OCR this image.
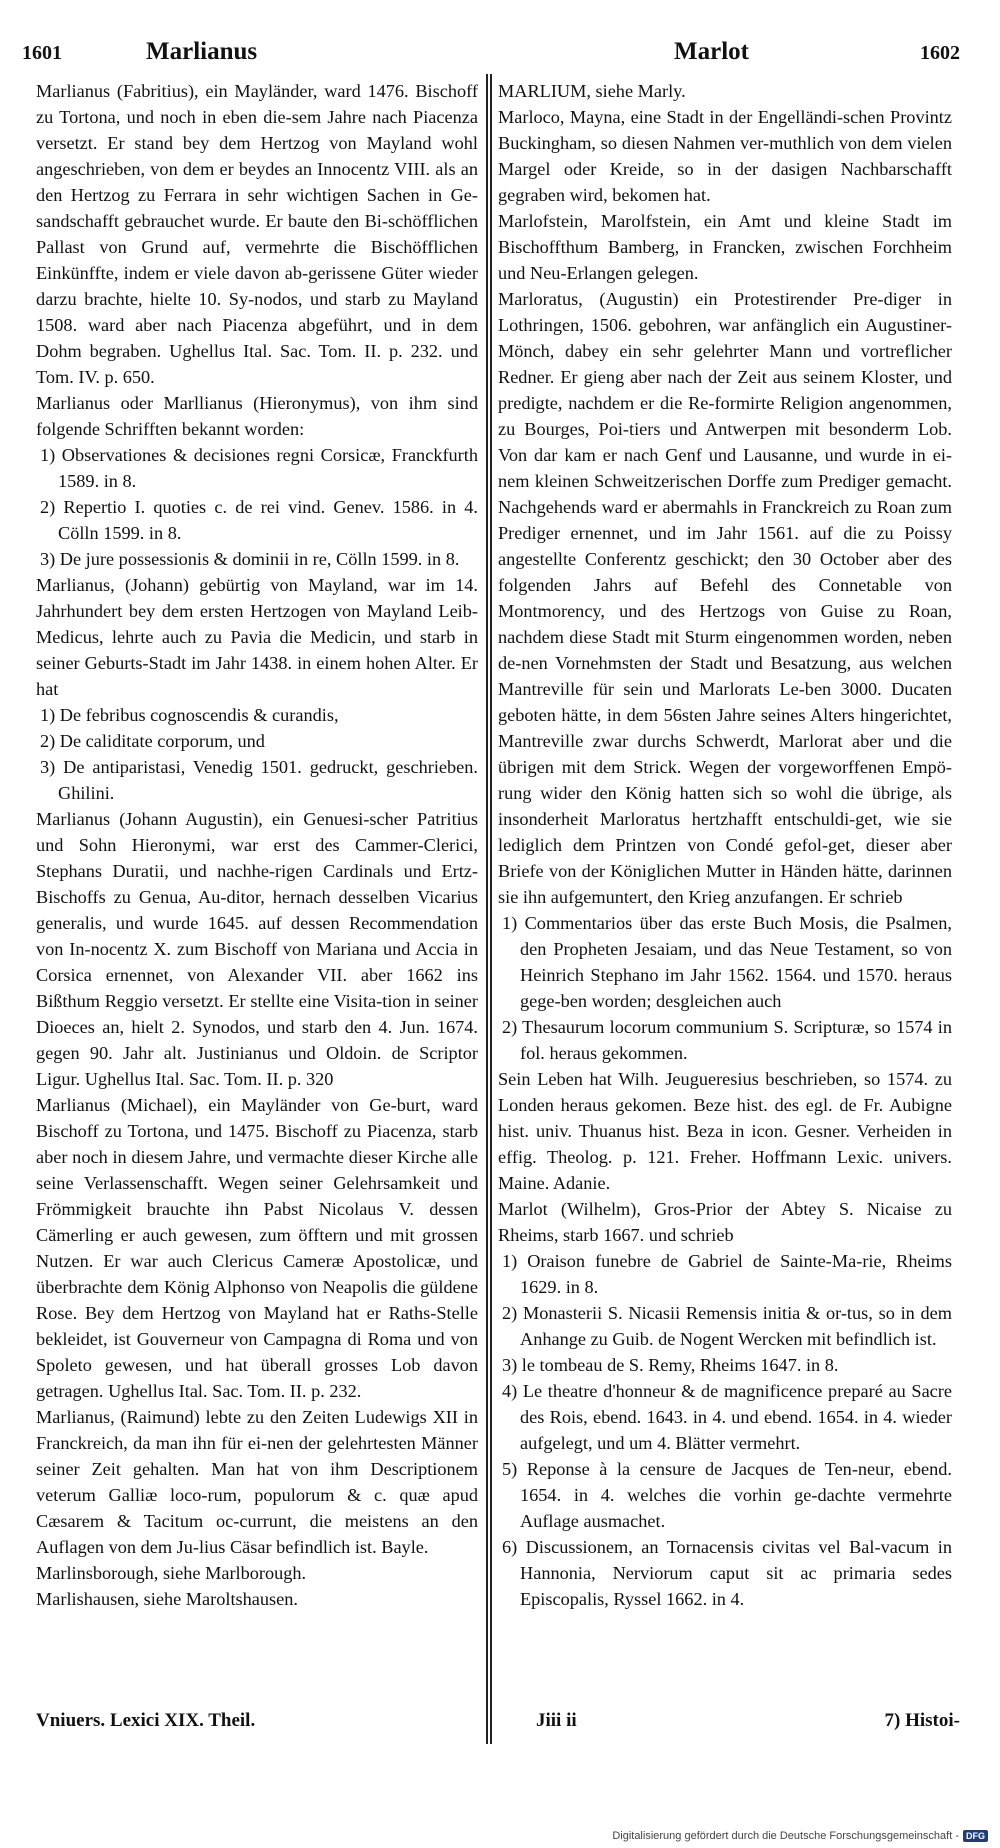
1601	Marlianus	Marlot	1602

Marlianus (Fabritius), ein Mayländer, ward 1476. Bischoff zu Tortona, und noch in eben die-sem Jahre nach Piacenza versetzt. Er stand bey dem Hertzog von Mayland wohl angeschrieben, von dem er beydes an Innocentz VIII. als an den Hertzog zu Ferrara in sehr wichtigen Sachen in Ge-sandschafft gebrauchet wurde. Er baute den Bi-schöfflichen Pallast von Grund auf, vermehrte die Bischöfflichen Einkünffte, indem er viele davon ab-gerissene Güter wieder darzu brachte, hielte 10. Sy-nodos, und starb zu Mayland 1508. ward aber nach Piacenza abgeführt, und in dem Dohm begraben. Ughellus Ital. Sac. Tom. II. p. 232. und Tom. IV. p. 650.

Marlianus oder Marllianus (Hieronymus), von ihm sind folgende Schrifften bekannt worden:

1) Observationes & decisiones regni Corsicæ, Franckfurth 1589. in 8.
2) Repertio I. quoties c. de rei vind. Genev. 1586. in 4. Cölln 1599. in 8.
3) De jure possessionis & dominii in re, Cölln 1599. in 8.

Marlianus, (Johann) gebürtig von Mayland, war im 14. Jahrhundert bey dem ersten Hertzogen von Mayland Leib-Medicus, lehrte auch zu Pavia die Medicin, und starb in seiner Geburts-Stadt im Jahr 1438. in einem hohen Alter. Er hat

1) De febribus cognoscendis & curandis,
2) De caliditate corporum, und
3) De antiparistasi, Venedig 1501. gedruckt, geschrieben. Ghilini.

Marlianus (Johann Augustin), ein Genuesi-scher Patritius und Sohn Hieronymi, war erst des Cammer-Clerici, Stephans Duratii, und nachhe-rigen Cardinals und Ertz-Bischoffs zu Genua, Au-ditor, hernach desselben Vicarius generalis, und wurde 1645. auf dessen Recommendation von In-nocentz X. zum Bischoff von Mariana und Accia in Corsica ernennet, von Alexander VII. aber 1662 ins Bißthum Reggio versetzt. Er stellte eine Visita-tion in seiner Dioeces an, hielt 2. Synodos, und starb den 4. Jun. 1674. gegen 90. Jahr alt. Justinianus und Oldoin. de Scriptor Ligur. Ughellus Ital. Sac. Tom. II. p. 320

Marlianus (Michael), ein Mayländer von Ge-burt, ward Bischoff zu Tortona, und 1475. Bischoff zu Piacenza, starb aber noch in diesem Jahre, und vermachte dieser Kirche alle seine Verlassenschafft. Wegen seiner Gelehrsamkeit und Frömmigkeit brauchte ihn Pabst Nicolaus V. dessen Cämerling er auch gewesen, zum öfftern und mit grossen Nutzen. Er war auch Clericus Cameræ Apostolicæ, und überbrachte dem König Alphonso von Neapolis die güldene Rose. Bey dem Hertzog von Mayland hat er Raths-Stelle bekleidet, ist Gouverneur von Campagna di Roma und von Spoleto gewesen, und hat überall grosses Lob davon getragen. Ughellus Ital. Sac. Tom. II. p. 232.

Marlianus, (Raimund) lebte zu den Zeiten Ludewigs XII in Franckreich, da man ihn für ei-nen der gelehrtesten Männer seiner Zeit gehalten. Man hat von ihm Descriptionem veterum Galliæ loco-rum, populorum & c. quæ apud Cæsarem & Tacitum oc-currunt, die meistens an den Auflagen von dem Ju-lius Cäsar befindlich ist. Bayle.

Marlinsborough, siehe Marlborough.

Marlishausen, siehe Maroltshausen.

MARLIUM, siehe Marly.

Marloco, Mayna, eine Stadt in der Engelländi-schen Provintz Buckingham, so diesen Nahmen ver-muthlich von dem vielen Margel oder Kreide, so in der dasigen Nachbarschafft gegraben wird, bekomen hat.

Marlofstein, Marolfstein, ein Amt und kleine Stadt im Bischoffthum Bamberg, in Francken, zwischen Forchheim und Neu-Erlangen gelegen.

Marloratus, (Augustin) ein Protestirender Pre-diger in Lothringen, 1506. gebohren, war anfänglich ein Augustiner-Mönch, dabey ein sehr gelehrter Mann und vortreflicher Redner. Er gieng aber nach der Zeit aus seinem Kloster, und predigte, nachdem er die Re-formirte Religion angenommen, zu Bourges, Poi-tiers und Antwerpen mit besonderm Lob. Von dar kam er nach Genf und Lausanne, und wurde in ei-nem kleinen Schweitzerischen Dorffe zum Prediger gemacht. Nachgehends ward er abermahls in Franckreich zu Roan zum Prediger ernennet, und im Jahr 1561. auf die zu Poissy angestellte Conferentz geschickt; den 30 October aber des folgenden Jahrs auf Befehl des Connetable von Montmorency, und des Hertzogs von Guise zu Roan, nachdem diese Stadt mit Sturm eingenommen worden, neben de-nen Vornehmsten der Stadt und Besatzung, aus welchen Mantreville für sein und Marlorats Le-ben 3000. Ducaten geboten hätte, in dem 56sten Jahre seines Alters hingerichtet, Mantreville zwar durchs Schwerdt, Marlorat aber und die übrigen mit dem Strick. Wegen der vorgeworffenen Empö-rung wider den König hatten sich so wohl die übrige, als insonderheit Marloratus hertzhafft entschuldi-get, wie sie lediglich dem Printzen von Condé gefol-get, dieser aber Briefe von der Königlichen Mutter in Händen hätte, darinnen sie ihn aufgemuntert, den Krieg anzufangen. Er schrieb

1) Commentarios über das erste Buch Mosis, die Psalmen, den Propheten Jesaiam, und das Neue Testament, so von Heinrich Stephano im Jahr 1562. 1564. und 1570. heraus gege-ben worden; desgleichen auch
2) Thesaurum locorum communium S. Scripturæ, so 1574 in fol. heraus gekommen.

Sein Leben hat Wilh. Jeugueresius beschrieben, so 1574. zu Londen heraus gekomen. Beze hist. des egl. de Fr. Aubigne hist. univ. Thuanus hist. Beza in icon. Gesner. Verheiden in effig. Theolog. p. 121. Freher. Hoffmann Lexic. univers. Maine. Adanie.

Marlot (Wilhelm), Gros-Prior der Abtey S. Nicaise zu Rheims, starb 1667. und schrieb

1) Oraison funebre de Gabriel de Sainte-Ma-rie, Rheims 1629. in 8.
2) Monasterii S. Nicasii Remensis initia & or-tus, so in dem Anhange zu Guib. de Nogent Wercken mit befindlich ist.
3) le tombeau de S. Remy, Rheims 1647. in 8.
4) Le theatre d'honneur & de magnificence preparé au Sacre des Rois, ebend. 1643. in 4. und ebend. 1654. in 4. wieder aufgelegt, und um 4. Blätter vermehrt.
5) Reponse à la censure de Jacques de Ten-neur, ebend. 1654. in 4. welches die vorhin ge-dachte vermehrte Auflage ausmachet.
6) Discussionem, an Tornacensis civitas vel Bal-vacum in Hannonia, Nerviorum caput sit ac primaria sedes Episcopalis, Ryssel 1662. in 4.
Vniuers. Lexici XIX. Theil.	Jiii ii	7) Histoi-
Digitalisierung gefördert durch die Deutsche Forschungsgemeinschaft - DFG
